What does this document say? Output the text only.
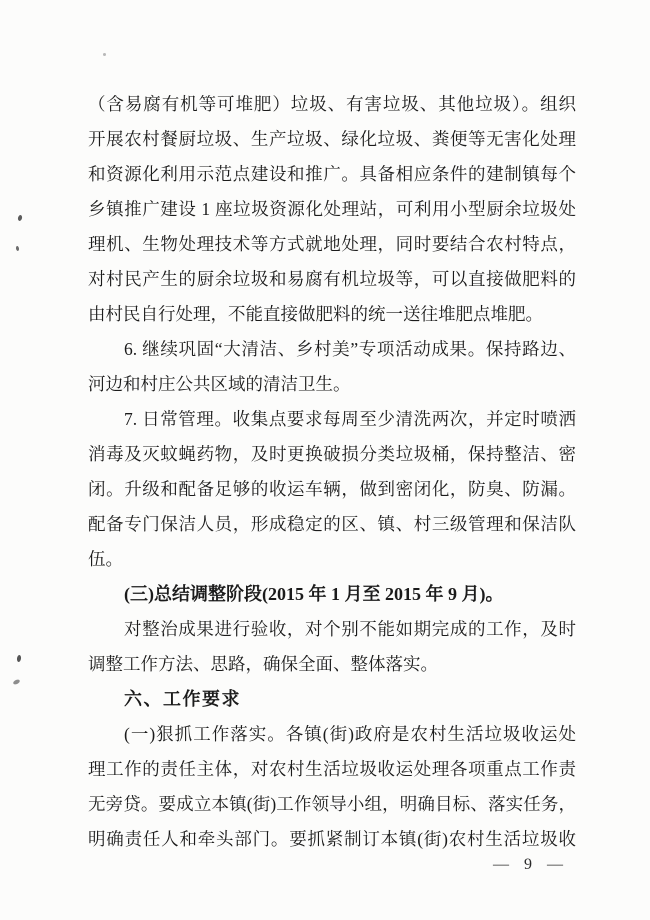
（含易腐有机等可堆肥）垃圾、有害垃圾、其他垃圾）。组织
开展农村餐厨垃圾、生产垃圾、绿化垃圾、粪便等无害化处理
和资源化利用示范点建设和推广。具备相应条件的建制镇每个
乡镇推广建设 1 座垃圾资源化处理站，可利用小型厨余垃圾处
理机、生物处理技术等方式就地处理，同时要结合农村特点，
对村民产生的厨余垃圾和易腐有机垃圾等，可以直接做肥料的
由村民自行处理，不能直接做肥料的统一送往堆肥点堆肥。
6. 继续巩固“大清洁、乡村美”专项活动成果。保持路边、
河边和村庄公共区域的清洁卫生。
7. 日常管理。收集点要求每周至少清洗两次，并定时喷洒
消毒及灭蚊蝇药物，及时更换破损分类垃圾桶，保持整洁、密
闭。升级和配备足够的收运车辆，做到密闭化，防臭、防漏。
配备专门保洁人员，形成稳定的区、镇、村三级管理和保洁队
伍。
(三)总结调整阶段(2015 年 1 月至 2015 年 9 月)。
对整治成果进行验收，对个别不能如期完成的工作，及时
调整工作方法、思路，确保全面、整体落实。
六、工作要求
(一)狠抓工作落实。各镇(街)政府是农村生活垃圾收运处
理工作的责任主体，对农村生活垃圾收运处理各项重点工作责
无旁贷。要成立本镇(街)工作领导小组，明确目标、落实任务，
明确责任人和牵头部门。要抓紧制订本镇(街)农村生活垃圾收
— 9 —
